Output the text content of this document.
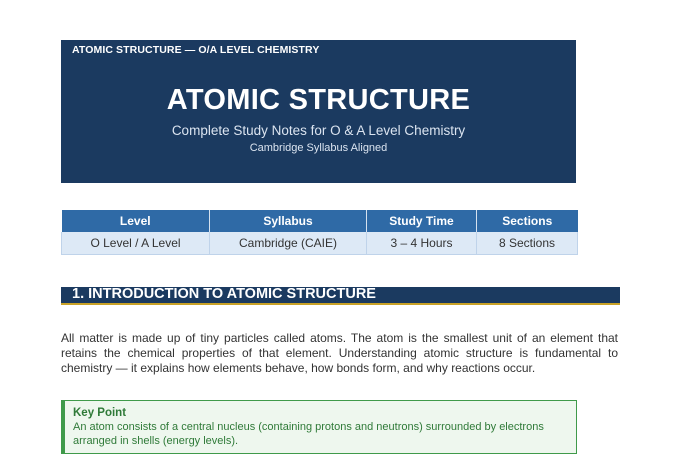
ATOMIC STRUCTURE — O/A LEVEL CHEMISTRY
ATOMIC STRUCTURE
Complete Study Notes for O & A Level Chemistry
Cambridge Syllabus Aligned
Level	Syllabus	Study Time	Sections
O Level / A Level	Cambridge (CAIE)	3 – 4 Hours	8 Sections
1. INTRODUCTION TO ATOMIC STRUCTURE

All matter is made up of tiny particles called atoms. The atom is the smallest unit of an element that retains the chemical properties of that element. Understanding atomic structure is fundamental to chemistry — it explains how elements behave, how bonds form, and why reactions occur.

Key Point
An atom consists of a central nucleus (containing protons and neutrons) surrounded by electrons arranged in shells (energy levels).
